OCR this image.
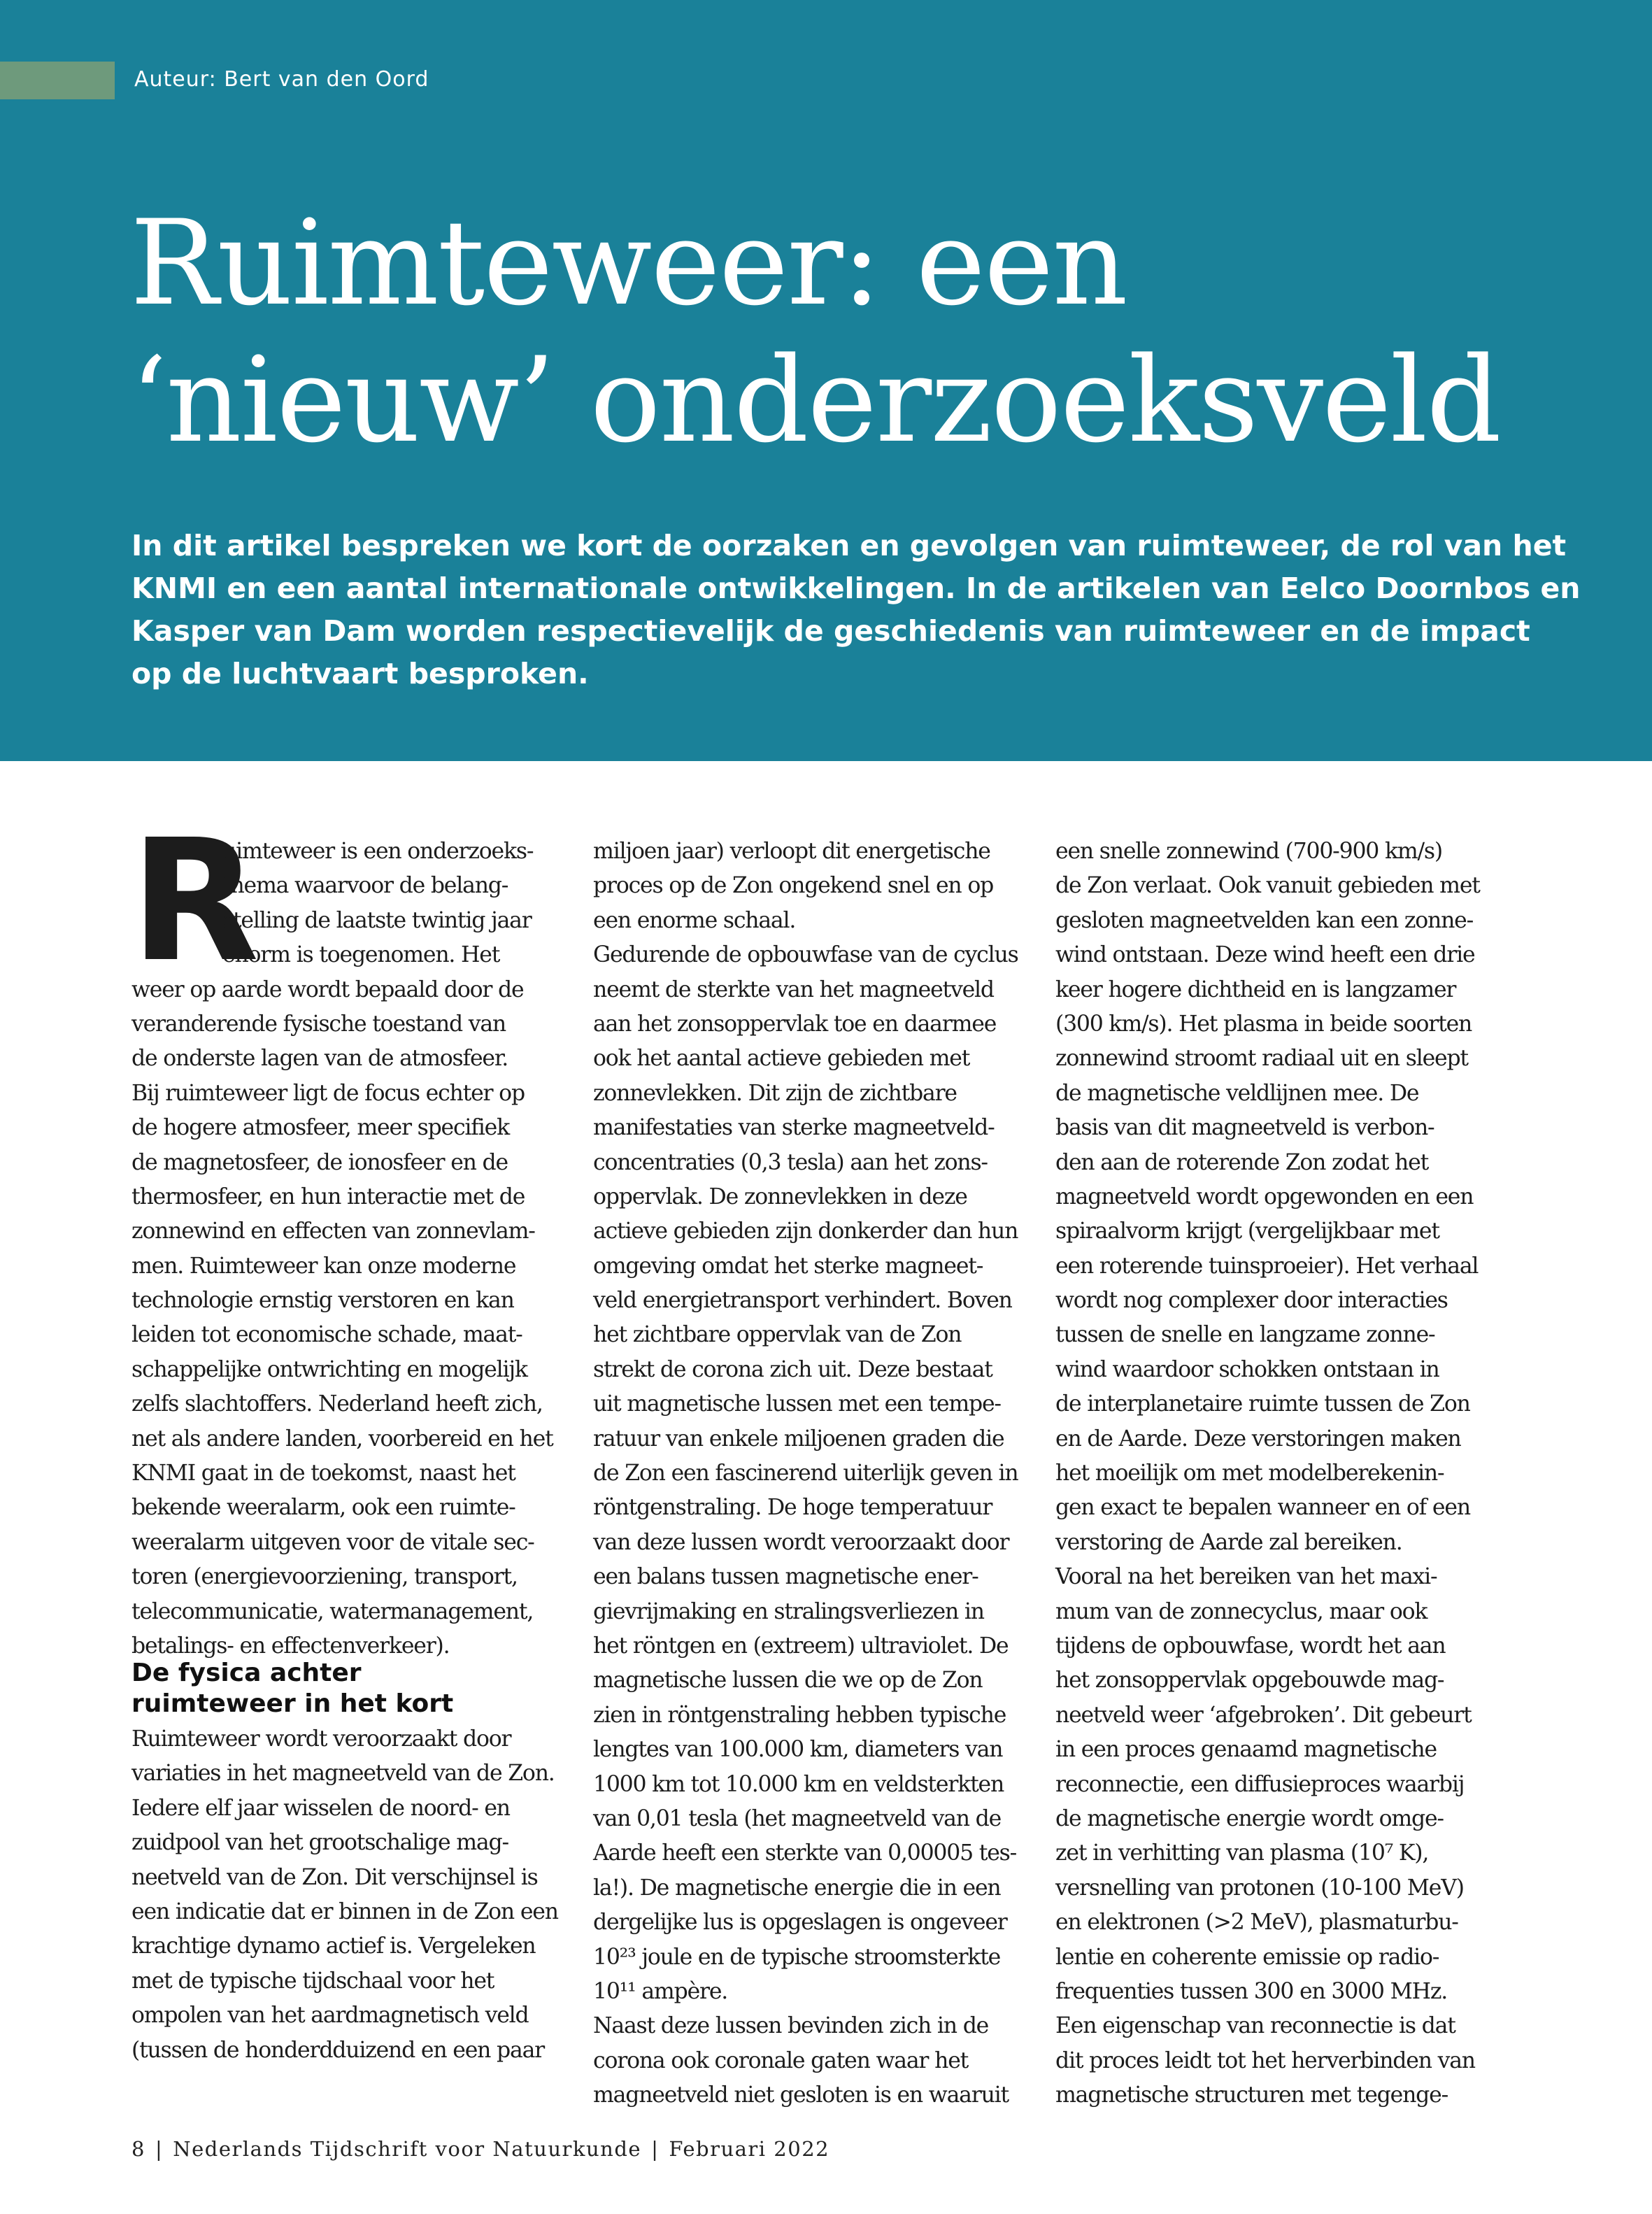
Auteur: Bert van den Oord
Ruimteweer: een
‘nieuw’ onderzoeksveld

In dit artikel bespreken we kort de oorzaken en gevolgen van ruimteweer, de rol van het
KNMI en een aantal internationale ontwikkelingen. In de artikelen van Eelco Doornbos en
Kasper van Dam worden respectievelijk de geschiedenis van ruimteweer en de impact
op de luchtvaart besproken.

R
uimteweer is een onderzoeks-
thema waarvoor de belang-
stelling de laatste twintig jaar
enorm is toegenomen. Het
weer op aarde wordt bepaald door de
veranderende fysische toestand van
de onderste lagen van de atmosfeer.
Bij ruimteweer ligt de focus echter op
de hogere atmosfeer, meer specifiek
de magnetosfeer, de ionosfeer en de
thermosfeer, en hun interactie met de
zonnewind en effecten van zonnevlam-
men. Ruimteweer kan onze moderne
technologie ernstig verstoren en kan
leiden tot economische schade, maat-
schappelijke ontwrichting en mogelijk
zelfs slachtoffers. Nederland heeft zich,
net als andere landen, voorbereid en het
KNMI gaat in de toekomst, naast het
bekende weeralarm, ook een ruimte-
weeralarm uitgeven voor de vitale sec-
toren (energievoorziening, transport,
telecommunicatie, watermanagement,
betalings- en effectenverkeer).
De fysica achter
ruimteweer in het kort
Ruimteweer wordt veroorzaakt door
variaties in het magneetveld van de Zon.
Iedere elf jaar wisselen de noord- en
zuidpool van het grootschalige mag-
neetveld van de Zon. Dit verschijnsel is
een indicatie dat er binnen in de Zon een
krachtige dynamo actief is. Vergeleken
met de typische tijdschaal voor het
ompolen van het aardmagnetisch veld
(tussen de honderdduizend en een paar
miljoen jaar) verloopt dit energetische
proces op de Zon ongekend snel en op
een enorme schaal.
Gedurende de opbouwfase van de cyclus
neemt de sterkte van het magneetveld
aan het zonsoppervlak toe en daarmee
ook het aantal actieve gebieden met
zonnevlekken. Dit zijn de zichtbare
manifestaties van sterke magneetveld-
concentraties (0,3 tesla) aan het zons-
oppervlak. De zonnevlekken in deze
actieve gebieden zijn donkerder dan hun
omgeving omdat het sterke magneet-
veld energietransport verhindert. Boven
het zichtbare oppervlak van de Zon
strekt de corona zich uit. Deze bestaat
uit magnetische lussen met een tempe-
ratuur van enkele miljoenen graden die
de Zon een fascinerend uiterlijk geven in
röntgenstraling. De hoge temperatuur
van deze lussen wordt veroorzaakt door
een balans tussen magnetische ener-
gievrijmaking en stralingsverliezen in
het röntgen en (extreem) ultraviolet. De
magnetische lussen die we op de Zon
zien in röntgenstraling hebben typische
lengtes van 100.000 km, diameters van
1000 km tot 10.000 km en veldsterkten
van 0,01 tesla (het magneetveld van de
Aarde heeft een sterkte van 0,00005 tes-
la!). De magnetische energie die in een
dergelijke lus is opgeslagen is ongeveer
10²³ joule en de typische stroomsterkte
10¹¹ ampère.
Naast deze lussen bevinden zich in de
corona ook coronale gaten waar het
magneetveld niet gesloten is en waaruit
een snelle zonnewind (700-900 km/s)
de Zon verlaat. Ook vanuit gebieden met
gesloten magneetvelden kan een zonne-
wind ontstaan. Deze wind heeft een drie
keer hogere dichtheid en is langzamer
(300 km/s). Het plasma in beide soorten
zonnewind stroomt radiaal uit en sleept
de magnetische veldlijnen mee. De
basis van dit magneetveld is verbon-
den aan de roterende Zon zodat het
magneetveld wordt opgewonden en een
spiraalvorm krijgt (vergelijkbaar met
een roterende tuinsproeier). Het verhaal
wordt nog complexer door interacties
tussen de snelle en langzame zonne-
wind waardoor schokken ontstaan in
de interplanetaire ruimte tussen de Zon
en de Aarde. Deze verstoringen maken
het moeilijk om met modelberekenin-
gen exact te bepalen wanneer en of een
verstoring de Aarde zal bereiken.
Vooral na het bereiken van het maxi-
mum van de zonnecyclus, maar ook
tijdens de opbouwfase, wordt het aan
het zonsoppervlak opgebouwde mag-
neetveld weer ‘afgebroken’. Dit gebeurt
in een proces genaamd magnetische
reconnectie, een diffusieproces waarbij
de magnetische energie wordt omge-
zet in verhitting van plasma (10⁷ K),
versnelling van protonen (10-100 MeV)
en elektronen (>2 MeV), plasmaturbu-
lentie en coherente emissie op radio-
frequenties tussen 300 en 3000 MHz.
Een eigenschap van reconnectie is dat
dit proces leidt tot het herverbinden van
magnetische structuren met tegenge-
8 | Nederlands Tijdschrift voor Natuurkunde | Februari 2022
